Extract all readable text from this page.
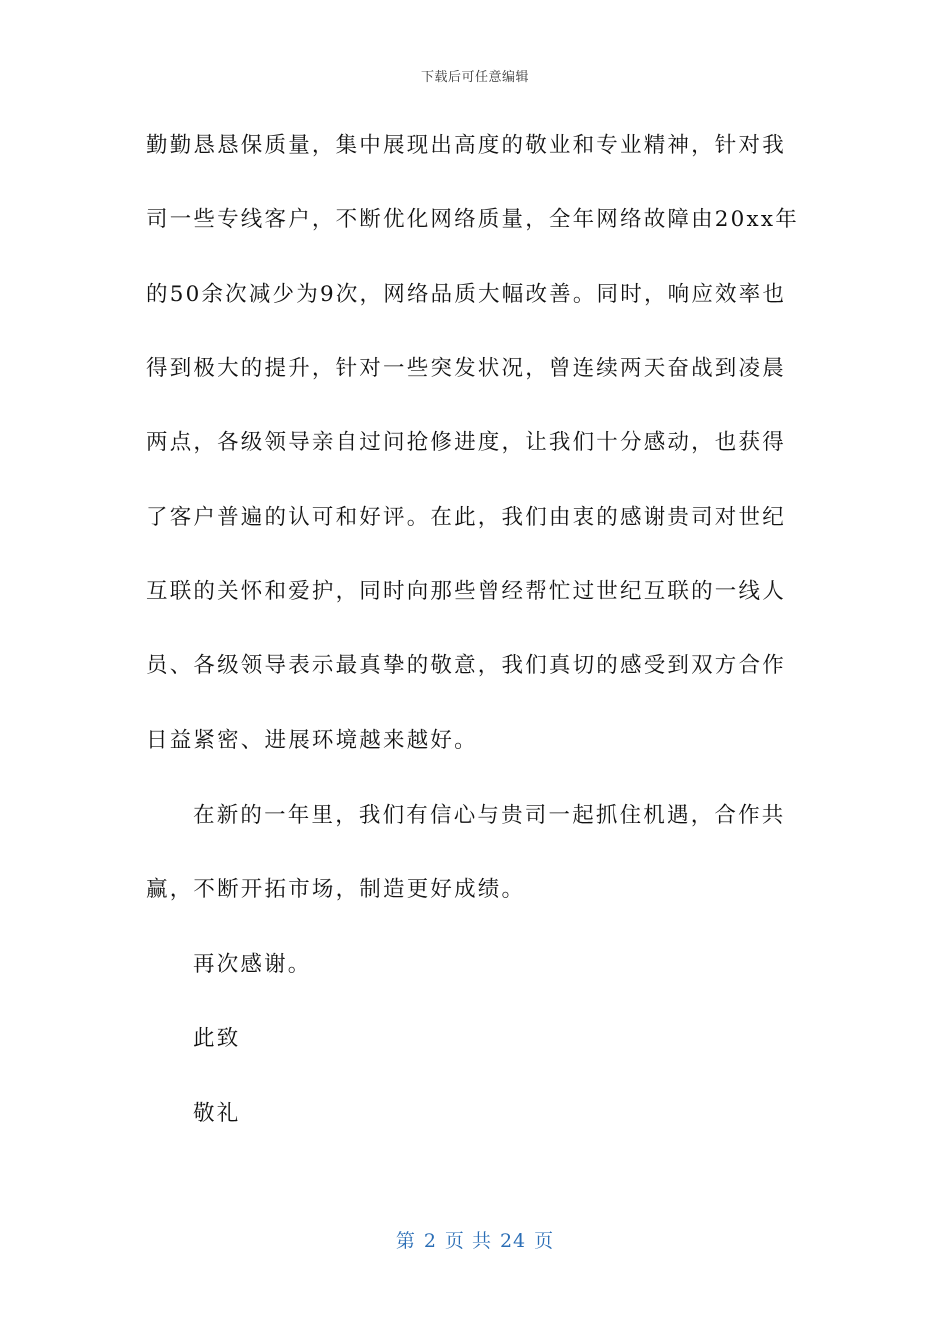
下载后可任意编辑
勤勤恳恳保质量，集中展现出高度的敬业和专业精神，针对我
司一些专线客户，不断优化网络质量，全年网络故障由20xx年
的50余次减少为9次，网络品质大幅改善。同时，响应效率也
得到极大的提升，针对一些突发状况，曾连续两天奋战到凌晨
两点，各级领导亲自过问抢修进度，让我们十分感动，也获得
了客户普遍的认可和好评。在此，我们由衷的感谢贵司对世纪
互联的关怀和爱护，同时向那些曾经帮忙过世纪互联的一线人
员、各级领导表示最真挚的敬意，我们真切的感受到双方合作
日益紧密、进展环境越来越好。
在新的一年里，我们有信心与贵司一起抓住机遇，合作共
赢，不断开拓市场，制造更好成绩。
再次感谢。
此致
敬礼
第 2 页 共 24 页
